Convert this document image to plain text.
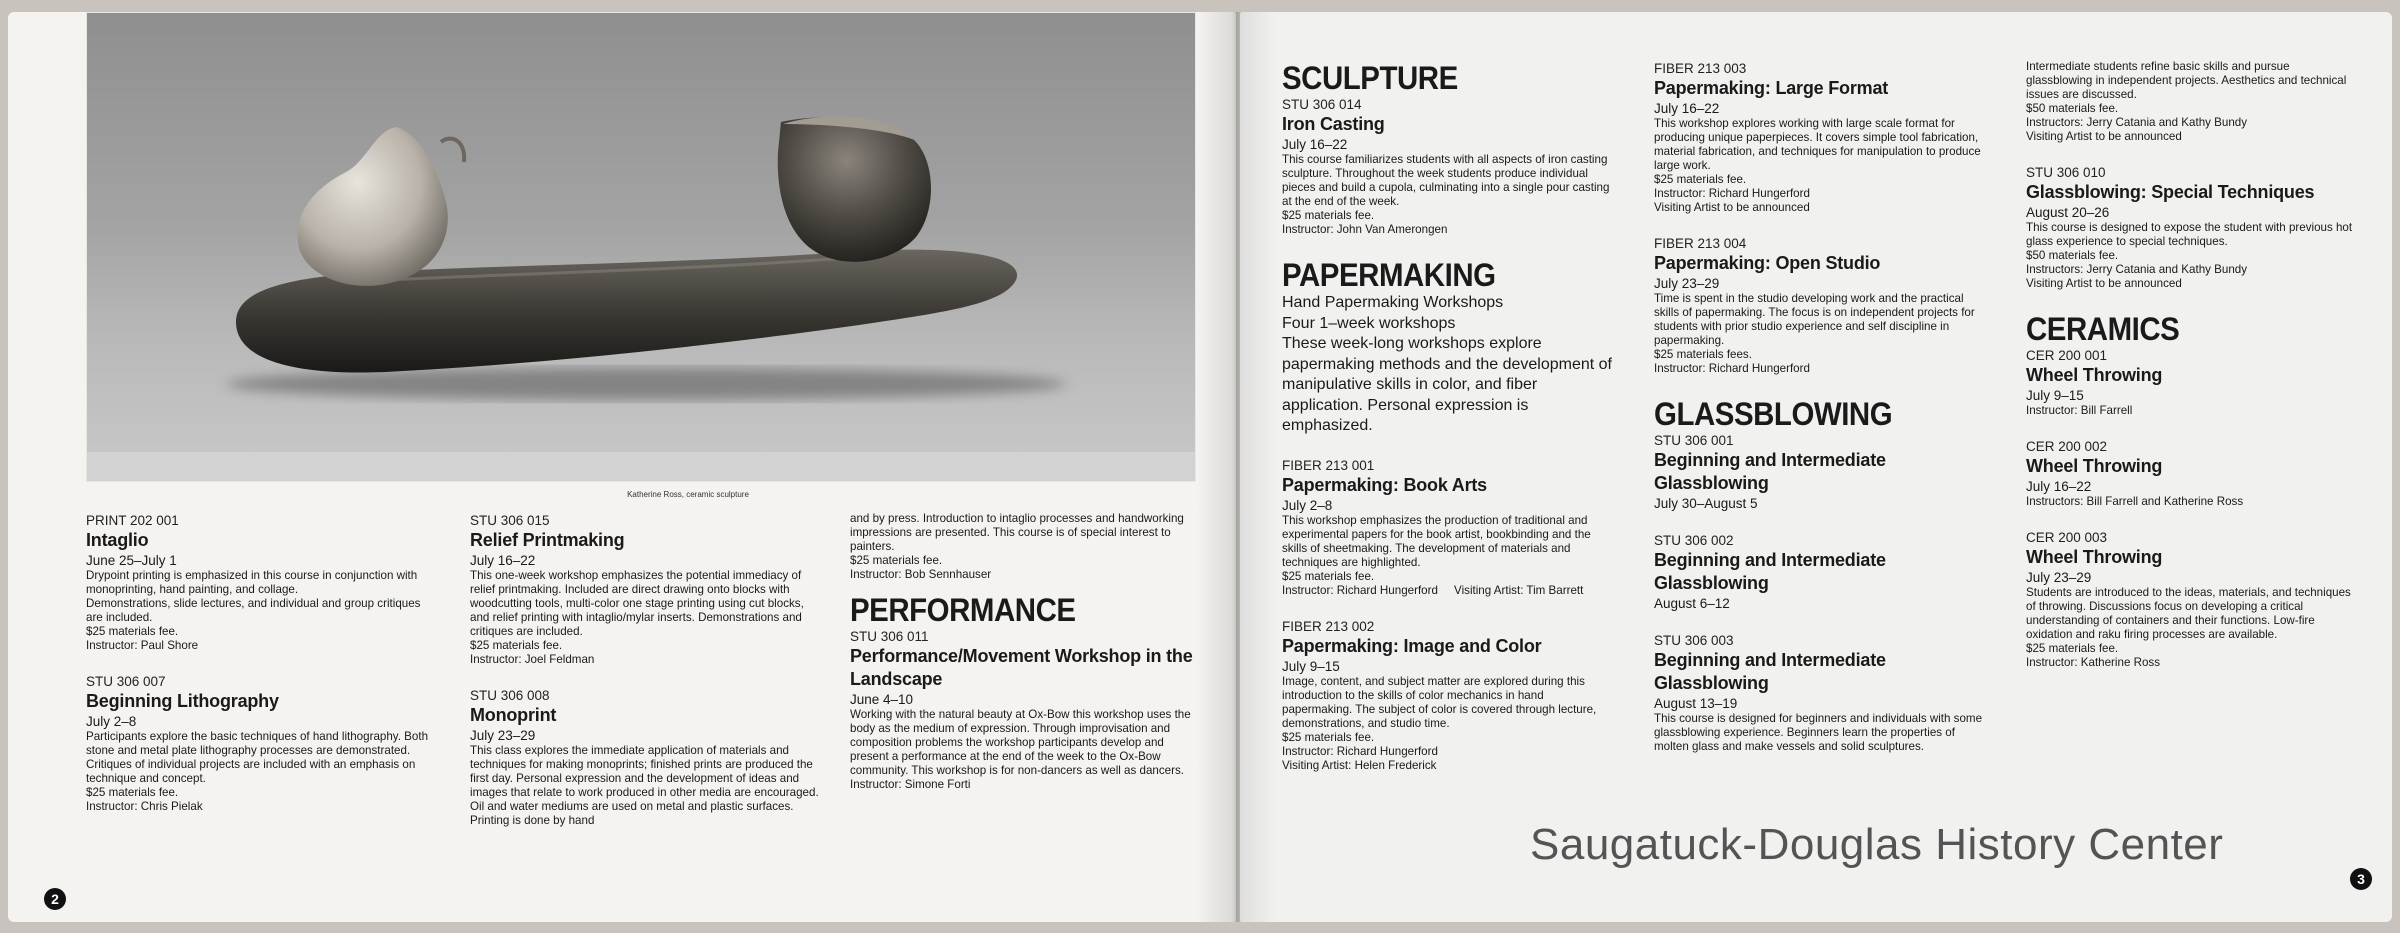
Katherine Ross, ceramic sculpture

PRINT 202 001

Intaglio

June 25–July 1

Drypoint printing is emphasized in this course in conjunction with monoprinting, hand painting, and collage.

Demonstrations, slide lectures, and individual and group critiques are included.

$25 materials fee.

Instructor: Paul Shore

STU 306 007

Beginning Lithography

July 2–8

Participants explore the basic techniques of hand lithography. Both stone and metal plate lithography processes are demonstrated. Critiques of individual projects are included with an emphasis on technique and concept.

$25 materials fee.

Instructor: Chris Pielak

STU 306 015

Relief Printmaking

July 16–22

This one-week workshop emphasizes the potential immediacy of relief printmaking. Included are direct drawing onto blocks with woodcutting tools, multi-color one stage printing using cut blocks, and relief printing with intaglio/mylar inserts. Demonstrations and critiques are included.

$25 materials fee.

Instructor: Joel Feldman

STU 306 008

Monoprint

July 23–29

This class explores the immediate application of materials and techniques for making monoprints; finished prints are produced the first day. Personal expression and the development of ideas and images that relate to work produced in other media are encouraged. Oil and water mediums are used on metal and plastic surfaces. Printing is done by hand

and by press. Introduction to intaglio processes and handworking impressions are presented. This course is of special interest to painters.

$25 materials fee.

Instructor: Bob Sennhauser

PERFORMANCE

STU 306 011

Performance/Movement Workshop in the Landscape

June 4–10

Working with the natural beauty at Ox-Bow this workshop uses the body as the medium of expression. Through improvisation and composition problems the workshop participants develop and present a performance at the end of the week to the Ox-Bow community. This workshop is for non-dancers as well as dancers.

Instructor: Simone Forti

2

SCULPTURE

STU 306 014

Iron Casting

July 16–22

This course familiarizes students with all aspects of iron casting sculpture. Throughout the week students produce individual pieces and build a cupola, culminating into a single pour casting at the end of the week.

$25 materials fee.

Instructor: John Van Amerongen

PAPERMAKING

Hand Papermaking Workshops

Four 1–week workshops

These week-long workshops explore papermaking methods and the development of manipulative skills in color, and fiber application. Personal expression is emphasized.

FIBER 213 001

Papermaking: Book Arts

July 2–8

This workshop emphasizes the production of traditional and experimental papers for the book artist, bookbinding and the skills of sheetmaking. The development of materials and techniques are highlighted.

$25 materials fee.

Instructor: Richard Hungerford     Visiting Artist: Tim Barrett

FIBER 213 002

Papermaking: Image and Color

July 9–15

Image, content, and subject matter are explored during this introduction to the skills of color mechanics in hand papermaking. The subject of color is covered through lecture, demonstrations, and studio time.

$25 materials fee.

Instructor: Richard Hungerford

Visiting Artist: Helen Frederick

FIBER 213 003

Papermaking: Large Format

July 16–22

This workshop explores working with large scale format for producing unique paperpieces. It covers simple tool fabrication, material fabrication, and techniques for manipulation to produce large work.

$25 materials fee.

Instructor: Richard Hungerford

Visiting Artist to be announced

FIBER 213 004

Papermaking: Open Studio

July 23–29

Time is spent in the studio developing work and the practical skills of papermaking. The focus is on independent projects for students with prior studio experience and self discipline in papermaking.

$25 materials fees.

Instructor: Richard Hungerford

GLASSBLOWING

STU 306 001

Beginning and Intermediate Glassblowing

July 30–August 5

STU 306 002

Beginning and Intermediate Glassblowing

August 6–12

STU 306 003

Beginning and Intermediate Glassblowing

August 13–19

This course is designed for beginners and individuals with some glassblowing experience. Beginners learn the properties of molten glass and make vessels and solid sculptures.

Intermediate students refine basic skills and pursue glassblowing in independent projects. Aesthetics and technical issues are discussed.

$50 materials fee.

Instructors: Jerry Catania and Kathy Bundy

Visiting Artist to be announced

STU 306 010

Glassblowing: Special Techniques

August 20–26

This course is designed to expose the student with previous hot glass experience to special techniques.

$50 materials fee.

Instructors: Jerry Catania and Kathy Bundy

Visiting Artist to be announced

CERAMICS

CER 200 001

Wheel Throwing

July 9–15

Instructor: Bill Farrell

CER 200 002

Wheel Throwing

July 16–22

Instructors: Bill Farrell and Katherine Ross

CER 200 003

Wheel Throwing

July 23–29

Students are introduced to the ideas, materials, and techniques of throwing. Discussions focus on developing a critical understanding of containers and their functions. Low-fire oxidation and raku firing processes are available.

$25 materials fee.

Instructor: Katherine Ross

3
Saugatuck-Douglas History Center
